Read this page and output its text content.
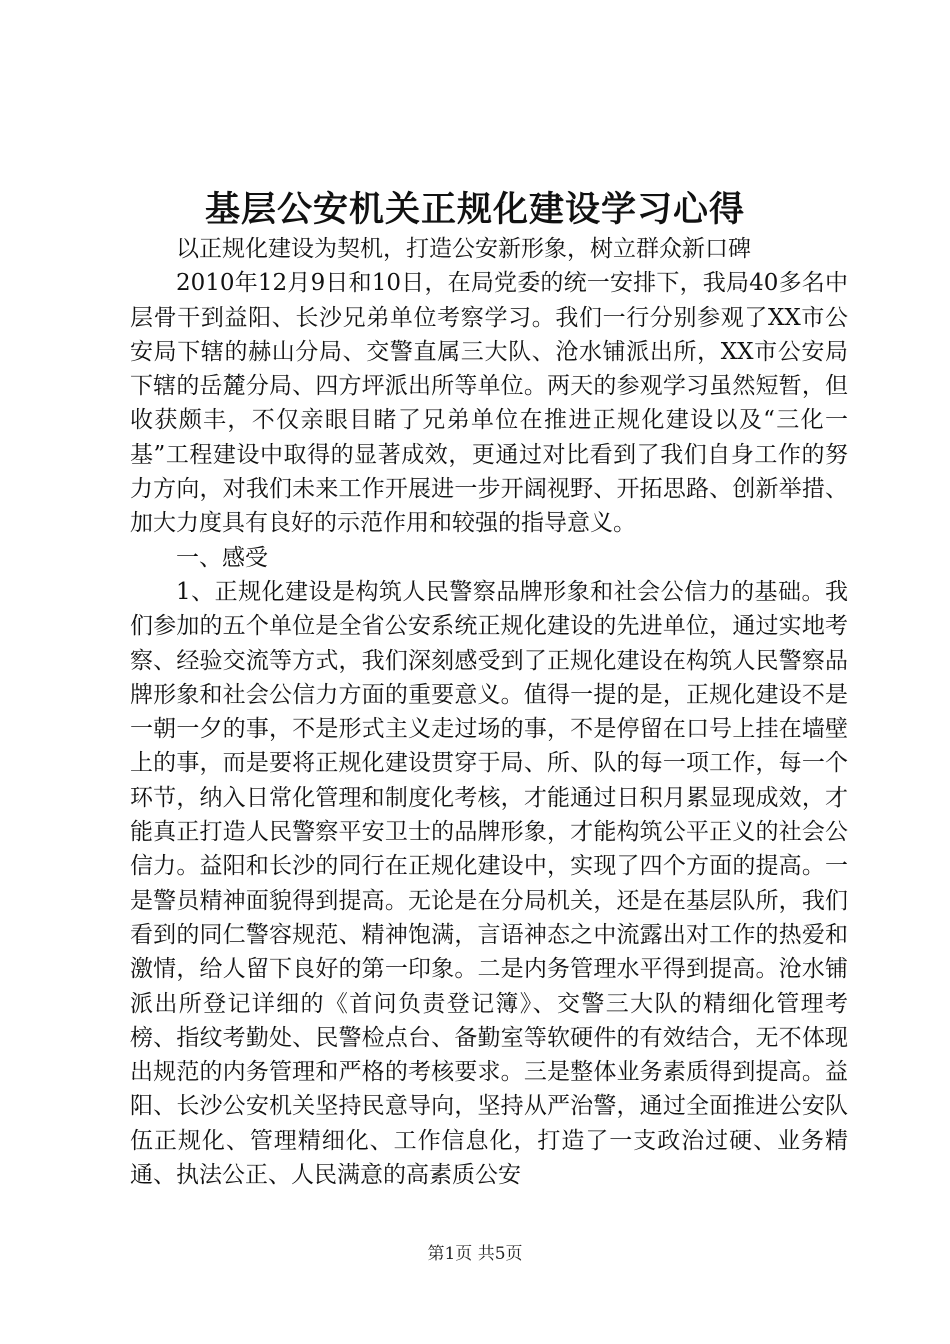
基层公安机关正规化建设学习心得

以正规化建设为契机，打造公安新形象，树立群众新口碑

2010年12月9日和10日，在局党委的统一安排下，我局40多名中层骨干到益阳、长沙兄弟单位考察学习。我们一行分别参观了XX市公安局下辖的赫山分局、交警直属三大队、沧水铺派出所，XX市公安局下辖的岳麓分局、四方坪派出所等单位。两天的参观学习虽然短暂，但收获颇丰，不仅亲眼目睹了兄弟单位在推进正规化建设以及“三化一基”工程建设中取得的显著成效，更通过对比看到了我们自身工作的努力方向，对我们未来工作开展进一步开阔视野、开拓思路、创新举措、加大力度具有良好的示范作用和较强的指导意义。

一、感受

1、正规化建设是构筑人民警察品牌形象和社会公信力的基础。我们参加的五个单位是全省公安系统正规化建设的先进单位，通过实地考察、经验交流等方式，我们深刻感受到了正规化建设在构筑人民警察品牌形象和社会公信力方面的重要意义。值得一提的是，正规化建设不是一朝一夕的事，不是形式主义走过场的事，不是停留在口号上挂在墙壁上的事，而是要将正规化建设贯穿于局、所、队的每一项工作，每一个环节，纳入日常化管理和制度化考核，才能通过日积月累显现成效，才能真正打造人民警察平安卫士的品牌形象，才能构筑公平正义的社会公信力。益阳和长沙的同行在正规化建设中，实现了四个方面的提高。一是警员精神面貌得到提高。无论是在分局机关，还是在基层队所，我们看到的同仁警容规范、精神饱满，言语神态之中流露出对工作的热爱和激情，给人留下良好的第一印象。二是内务管理水平得到提高。沧水铺派出所登记详细的《首问负责登记簿》、交警三大队的精细化管理考榜、指纹考勤处、民警检点台、备勤室等软硬件的有效结合，无不体现出规范的内务管理和严格的考核要求。三是整体业务素质得到提高。益阳、长沙公安机关坚持民意导向，坚持从严治警，通过全面推进公安队伍正规化、管理精细化、工作信息化，打造了一支政治过硬、业务精通、执法公正、人民满意的高素质公安

第1页 共5页
